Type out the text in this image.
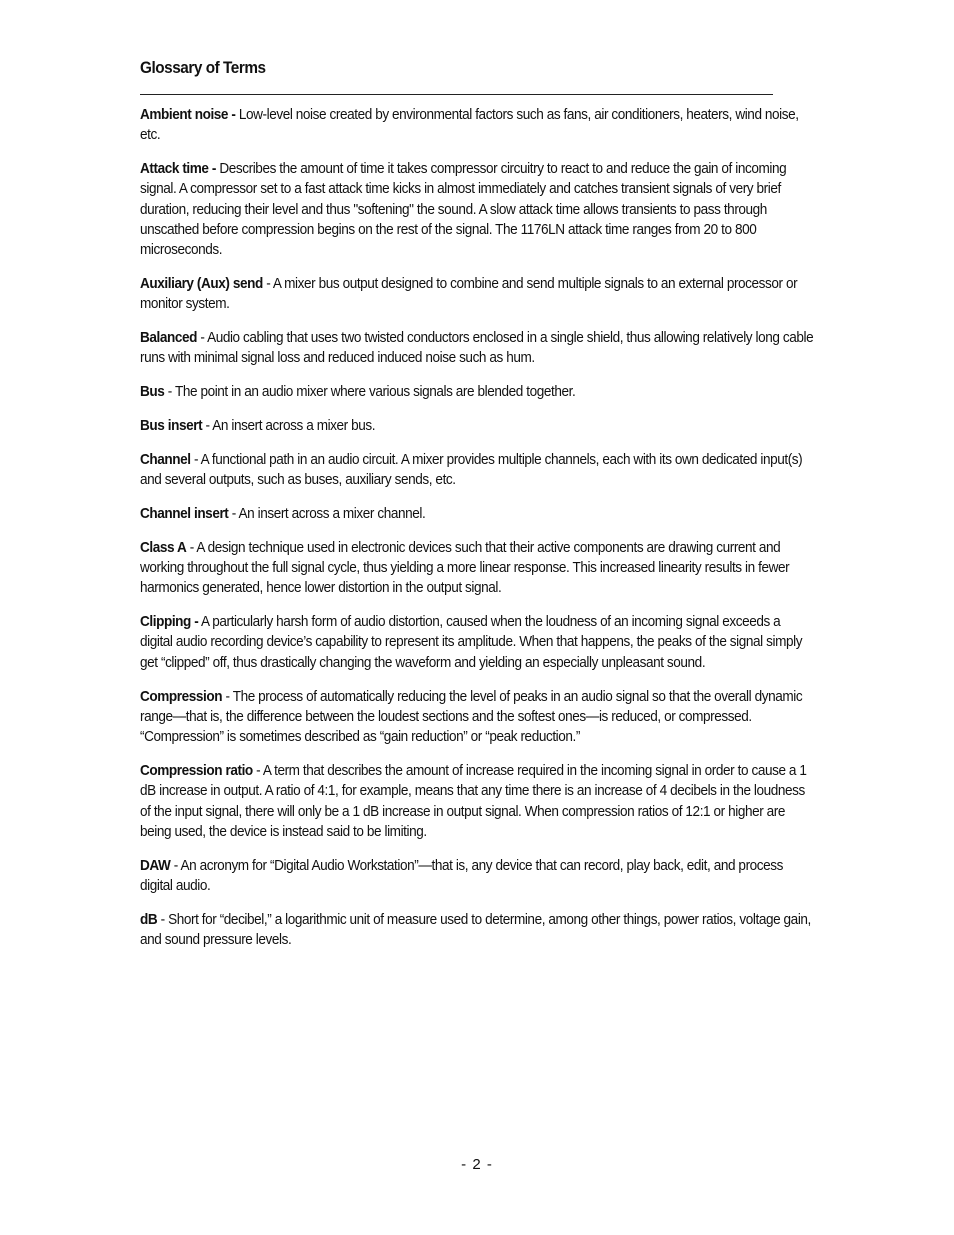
Glossary of Terms

Ambient noise - Low-level noise created by environmental factors such as fans, air conditioners, heaters, wind noise, etc.

Attack time - Describes the amount of time it takes compressor circuitry to react to and reduce the gain of incoming signal. A compressor set to a fast attack time kicks in almost immediately and catches transient signals of very brief duration, reducing their level and thus "softening" the sound. A slow attack time allows transients to pass through unscathed before compression begins on the rest of the signal. The 1176LN attack time ranges from 20 to 800 microseconds.

Auxiliary (Aux) send - A mixer bus output designed to combine and send multiple signals to an external processor or monitor system.

Balanced - Audio cabling that uses two twisted conductors enclosed in a single shield, thus allowing relatively long cable runs with minimal signal loss and reduced induced noise such as hum.

Bus - The point in an audio mixer where various signals are blended together.

Bus insert - An insert across a mixer bus.

Channel - A functional path in an audio circuit. A mixer provides multiple channels, each with its own dedicated input(s) and several outputs, such as buses, auxiliary sends, etc.

Channel insert - An insert across a mixer channel.

Class A - A design technique used in electronic devices such that their active components are drawing current and working throughout the full signal cycle, thus yielding a more linear response. This increased linearity results in fewer harmonics generated, hence lower distortion in the output signal.

Clipping - A particularly harsh form of audio distortion, caused when the loudness of an incoming signal exceeds a digital audio recording device’s capability to represent its amplitude. When that happens, the peaks of the signal simply get “clipped” off, thus drastically changing the waveform and yielding an especially unpleasant sound.

Compression - The process of automatically reducing the level of peaks in an audio signal so that the overall dynamic range—that is, the difference between the loudest sections and the softest ones—is reduced, or compressed. “Compression” is sometimes described as “gain reduction” or “peak reduction.”

Compression ratio - A term that describes the amount of increase required in the incoming signal in order to cause a 1 dB increase in output. A ratio of 4:1, for example, means that any time there is an increase of 4 decibels in the loudness of the input signal, there will only be a 1 dB increase in output signal. When compression ratios of 12:1 or higher are being used, the device is instead said to be limiting.

DAW - An acronym for “Digital Audio Workstation”—that is, any device that can record, play back, edit, and process digital audio.

dB - Short for “decibel,” a logarithmic unit of measure used to determine, among other things, power ratios, voltage gain, and sound pressure levels.

- 2 -
